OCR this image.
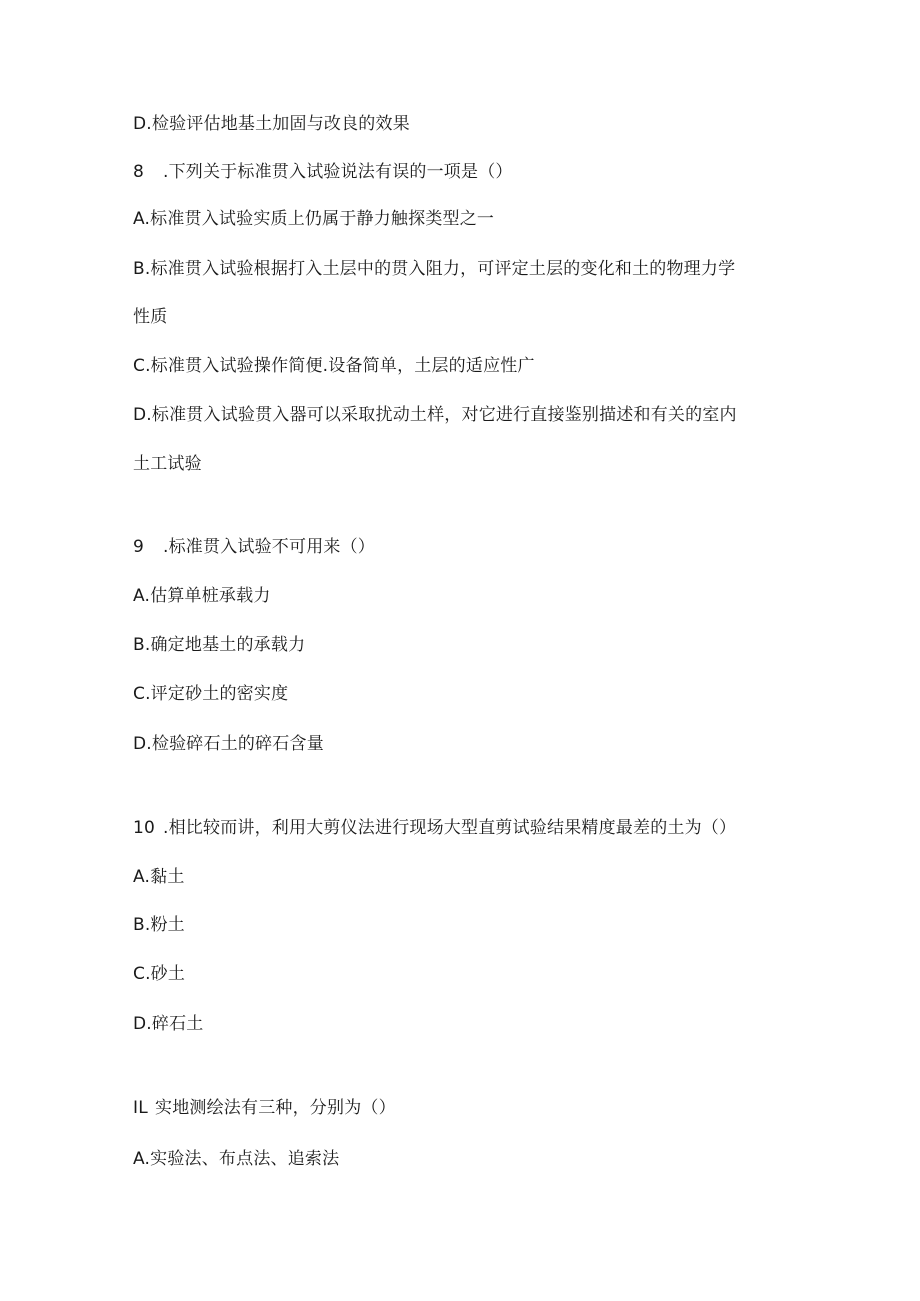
D.检验评估地基土加固与改良的效果
8 .下列关于标准贯入试验说法有误的一项是（）
A.标准贯入试验实质上仍属于静力触探类型之一
B.标准贯入试验根据打入土层中的贯入阻力，可评定土层的变化和土的物理力学
性质
C.标准贯入试验操作简便.设备简单，土层的适应性广
D.标准贯入试验贯入器可以采取扰动土样，对它进行直接鉴别描述和有关的室内
土工试验
9 .标准贯入试验不可用来（）
A.估算单桩承载力
B.确定地基土的承载力
C.评定砂土的密实度
D.检验碎石土的碎石含量
10 .相比较而讲，利用大剪仪法进行现场大型直剪试验结果精度最差的土为（）
A.黏土
B.粉土
C.砂土
D.碎石土
IL 实地测绘法有三种，分别为（）
A.实验法、布点法、追索法
